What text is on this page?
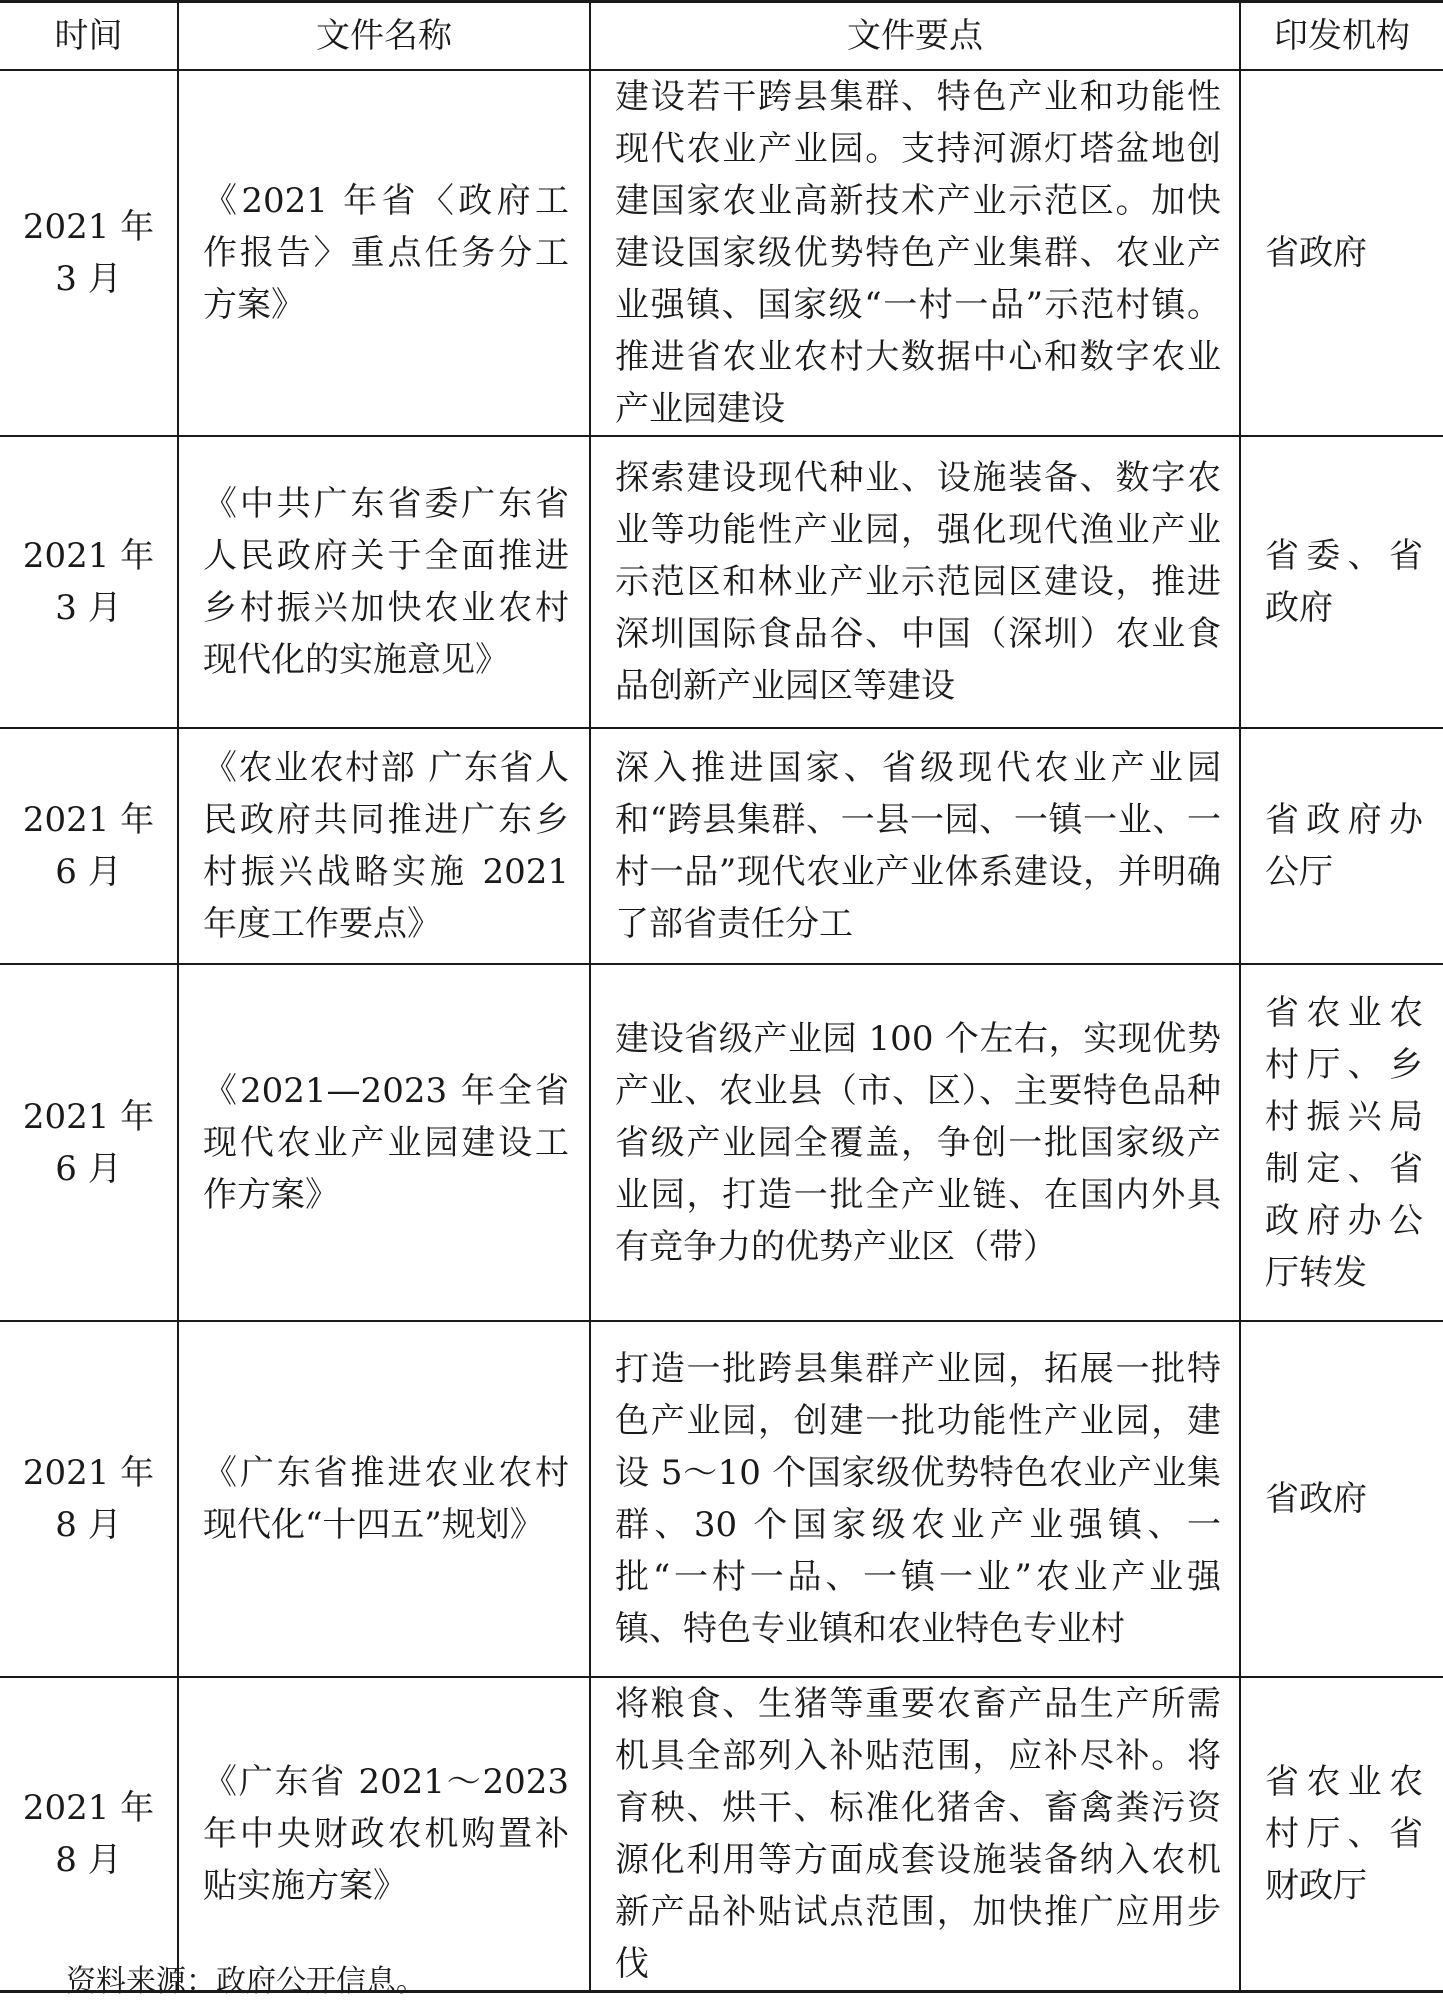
时间	文件名称	文件要点	印发机构

2021 年
3 月	《2021 年省〈政府工作报告〉重点任务分工方案》	建设若干跨县集群、特色产业和功能性现代农业产业园。支持河源灯塔盆地创建国家农业高新技术产业示范区。加快建设国家级优势特色产业集群、农业产业强镇、国家级“一村一品”示范村镇。推进省农业农村大数据中心和数字农业产业园建设	省政府

2021 年
3 月	《中共广东省委广东省人民政府关于全面推进乡村振兴加快农业农村现代化的实施意见》	探索建设现代种业、设施装备、数字农业等功能性产业园，强化现代渔业产业示范区和林业产业示范园区建设，推进深圳国际食品谷、中国（深圳）农业食品创新产业园区等建设	省委、省政府

2021 年
6 月	《农业农村部 广东省人民政府共同推进广东乡村振兴战略实施 2021 年度工作要点》	深入推进国家、省级现代农业产业园和“跨县集群、一县一园、一镇一业、一村一品”现代农业产业体系建设，并明确了部省责任分工	省政府办公厅

2021 年
6 月	《2021—2023 年全省现代农业产业园建设工作方案》	建设省级产业园 100 个左右，实现优势产业、农业县（市、区）、主要特色品种省级产业园全覆盖，争创一批国家级产业园，打造一批全产业链、在国内外具有竞争力的优势产业区（带）	省农业农村厅、乡村振兴局制定、省政府办公厅转发

2021 年
8 月	《广东省推进农业农村现代化“十四五”规划》	打造一批跨县集群产业园，拓展一批特色产业园，创建一批功能性产业园，建设 5～10 个国家级优势特色农业产业集群、30 个国家级农业产业强镇、一批“一村一品、一镇一业”农业产业强镇、特色专业镇和农业特色专业村	省政府

2021 年
8 月	《广东省 2021～2023 年中央财政农机购置补贴实施方案》	将粮食、生猪等重要农畜产品生产所需机具全部列入补贴范围，应补尽补。将育秧、烘干、标准化猪舍、畜禽粪污资源化利用等方面成套设施装备纳入农机新产品补贴试点范围，加快推广应用步伐	省农业农村厅、省财政厅
资料来源：政府公开信息。
